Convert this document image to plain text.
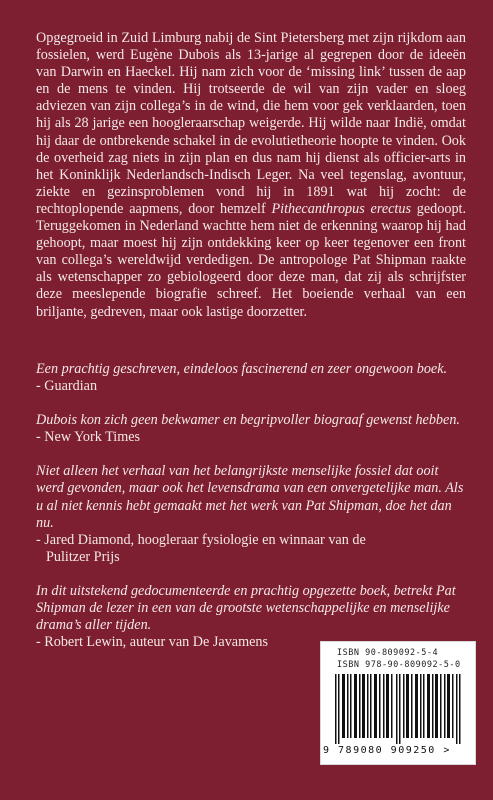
Opgegroeid in Zuid Limburg nabij de Sint Pietersberg met zijn rijkdom aan fossielen, werd Eugène Dubois als 13-jarige al gegrepen door de ideeën van Darwin en Haeckel. Hij nam zich voor de ‘missing link’ tussen de aap en de mens te vinden. Hij trotseerde de wil van zijn vader en sloeg adviezen van zijn collega’s in de wind, die hem voor gek verklaarden, toen hij als 28 jarige een hoogleraarschap weigerde. Hij wilde naar Indië, omdat hij daar de ontbrekende schakel in de evolutietheorie hoopte te vinden. Ook de overheid zag niets in zijn plan en dus nam hij dienst als officier-arts in het Koninklijk Nederlandsch-Indisch Leger. Na veel tegenslag, avontuur, ziekte en gezinsproblemen vond hij in 1891 wat hij zocht: de rechtoplopende aapmens, door hemzelf Pithecanthropus erectus gedoopt. Teruggekomen in Nederland wachtte hem niet de erkenning waarop hij had gehoopt, maar moest hij zijn ontdekking keer op keer tegenover een front van collega’s wereldwijd verdedigen. De antropologe Pat Shipman raakte als wetenschapper zo gebiologeerd door deze man, dat zij als schrijfster deze meeslepende biografie schreef. Het boeiende verhaal van een briljante, gedreven, maar ook lastige doorzetter.
Een prachtig geschreven, eindeloos fascinerend en zeer ongewoon boek.
- Guardian
Dubois kon zich geen bekwamer en begripvoller biograaf gewenst hebben.
- New York Times
Niet alleen het verhaal van het belangrijkste menselijke fossiel dat ooit werd gevonden, maar ook het levensdrama van een onvergetelijke man. Als u al niet kennis hebt gemaakt met het werk van Pat Shipman, doe het dan nu.
- Jared Diamond, hoogleraar fysiologie en winnaar van de
Pulitzer Prijs
In dit uitstekend gedocumenteerde en prachtig opgezette boek, betrekt Pat Shipman de lezer in een van de grootste wetenschappelijke en menselijke drama’s aller tijden.
- Robert Lewin, auteur van De Javamens
ISBN 90-809092-5-4
ISBN 978-90-809092-5-0
9 789080 909250 >
